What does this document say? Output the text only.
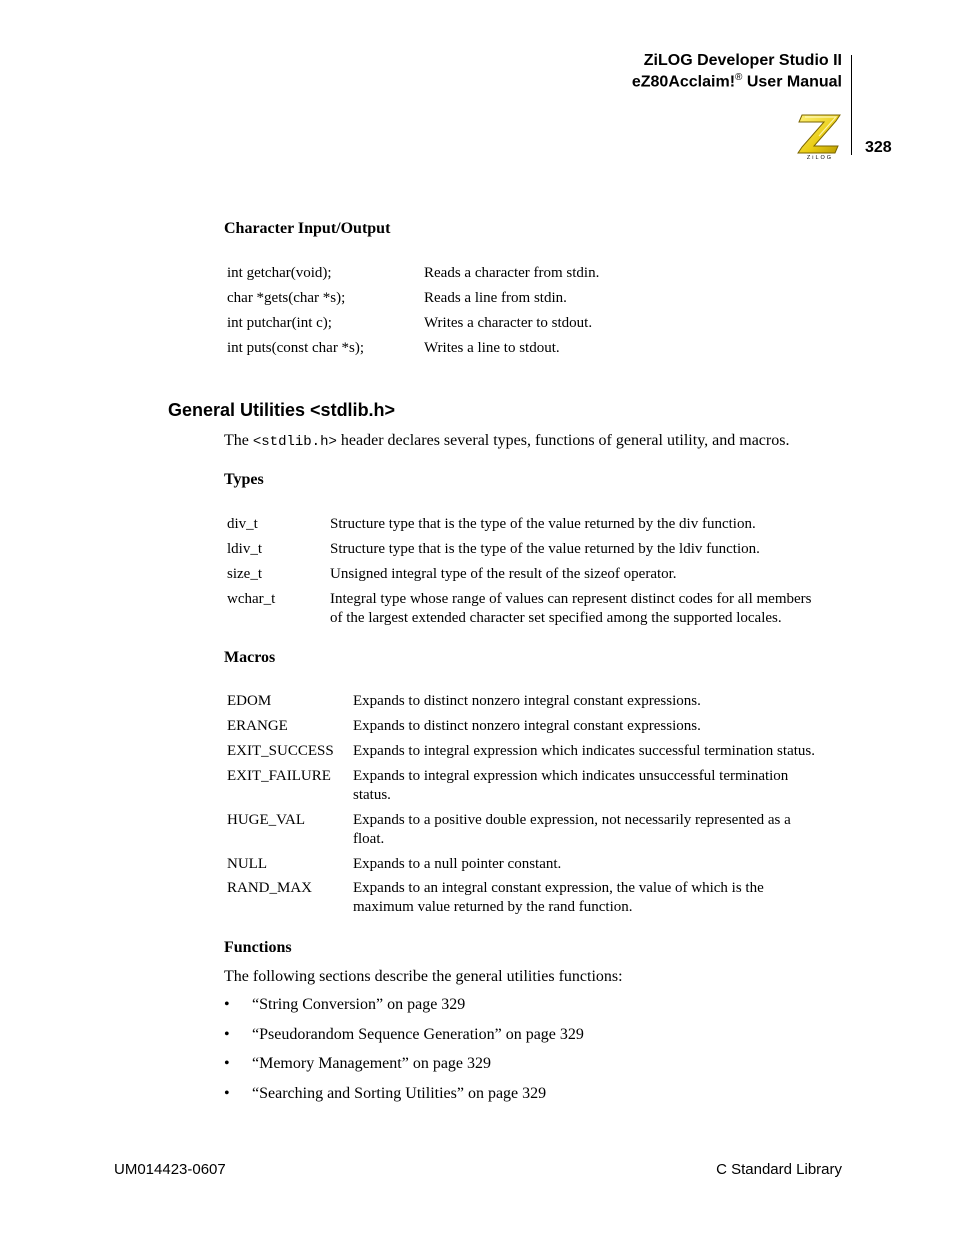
ZiLOG Developer Studio II
eZ80Acclaim!® User Manual
ZiLOG
328
Character Input/Output
int getchar(void);	Reads a character from stdin.
char *gets(char *s);	Reads a line from stdin.
int putchar(int c);	Writes a character to stdout.
int puts(const char *s);	Writes a line to stdout.
General Utilities <stdlib.h>
The <stdlib.h> header declares several types, functions of general utility, and macros.
Types
div_t	Structure type that is the type of the value returned by the div function.
ldiv_t	Structure type that is the type of the value returned by the ldiv function.
size_t	Unsigned integral type of the result of the sizeof operator.
wchar_t	Integral type whose range of values can represent distinct codes for all members
of the largest extended character set specified among the supported locales.
Macros
EDOM	Expands to distinct nonzero integral constant expressions.
ERANGE	Expands to distinct nonzero integral constant expressions.
EXIT_SUCCESS Expands to integral expression which indicates successful termination status.
EXIT_FAILURE Expands to integral expression which indicates unsuccessful termination
status.
HUGE_VAL	Expands to a positive double expression, not necessarily represented as a
float.
NULL	Expands to a null pointer constant.
RAND_MAX	Expands to an integral constant expression, the value of which is the
maximum value returned by the rand function.
Functions
The following sections describe the general utilities functions:
• “String Conversion” on page 329
• “Pseudorandom Sequence Generation” on page 329
• “Memory Management” on page 329
• “Searching and Sorting Utilities” on page 329
UM014423-0607	C Standard Library
